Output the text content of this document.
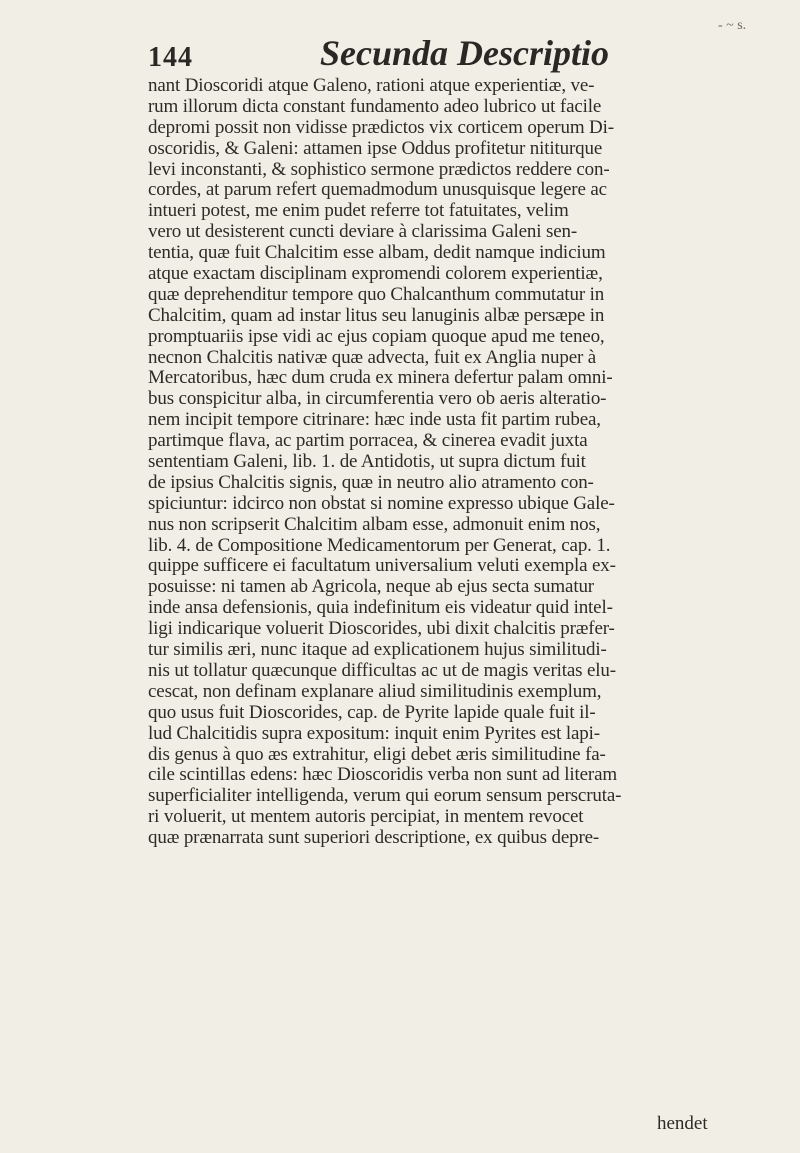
- ~ s.
144	Secunda Descriptio
nant Dioscoridi atque Galeno, rationi atque experientiæ, ve-
rum illorum dicta constant fundamento adeo lubrico ut facile
depromi possit non vidisse prædictos vix corticem operum Di-
oscoridis, & Galeni: attamen ipse Oddus profitetur nititurque
levi inconstanti, & sophistico sermone prædictos reddere con-
cordes, at parum refert quemadmodum unusquisque legere ac
intueri potest, me enim pudet referre tot fatuitates, velim
vero ut desisterent cuncti deviare à clarissima Galeni sen-
tentia, quæ fuit Chalcitim esse albam, dedit namque indicium
atque exactam disciplinam expromendi colorem experientiæ,
quæ deprehenditur tempore quo Chalcanthum commutatur in
Chalcitim, quam ad instar litus seu lanuginis albæ persæpe in
promptuariis ipse vidi ac ejus copiam quoque apud me teneo,
necnon Chalcitis nativæ quæ advecta, fuit ex Anglia nuper à
Mercatoribus, hæc dum cruda ex minera defertur palam omni-
bus conspicitur alba, in circumferentia vero ob aeris alteratio-
nem incipit tempore citrinare: hæc inde usta fit partim rubea,
partimque flava, ac partim porracea, & cinerea evadit juxta
sententiam Galeni, lib. 1. de Antidotis, ut supra dictum fuit
de ipsius Chalcitis signis, quæ in neutro alio atramento con-
spiciuntur: idcirco non obstat si nomine expresso ubique Gale-
nus non scripserit Chalcitim albam esse, admonuit enim nos,
lib. 4. de Compositione Medicamentorum per Generat, cap. 1.
quippe sufficere ei facultatum universalium veluti exempla ex-
posuisse: ni tamen ab Agricola, neque ab ejus secta sumatur
inde ansa defensionis, quia indefinitum eis videatur quid intel-
ligi indicarique voluerit Dioscorides, ubi dixit chalcitis præfer-
tur similis æri, nunc itaque ad explicationem hujus similitudi-
nis ut tollatur quæcunque difficultas ac ut de magis veritas elu-
cescat, non definam explanare aliud similitudinis exemplum,
quo usus fuit Dioscorides, cap. de Pyrite lapide quale fuit il-
lud Chalcitidis supra expositum: inquit enim Pyrites est lapi-
dis genus à quo æs extrahitur, eligi debet æris similitudine fa-
cile scintillas edens: hæc Dioscoridis verba non sunt ad literam
superficialiter intelligenda, verum qui eorum sensum perscruta-
ri voluerit, ut mentem autoris percipiat, in mentem revocet
quæ prænarrata sunt superiori descriptione, ex quibus depre-
hendet
